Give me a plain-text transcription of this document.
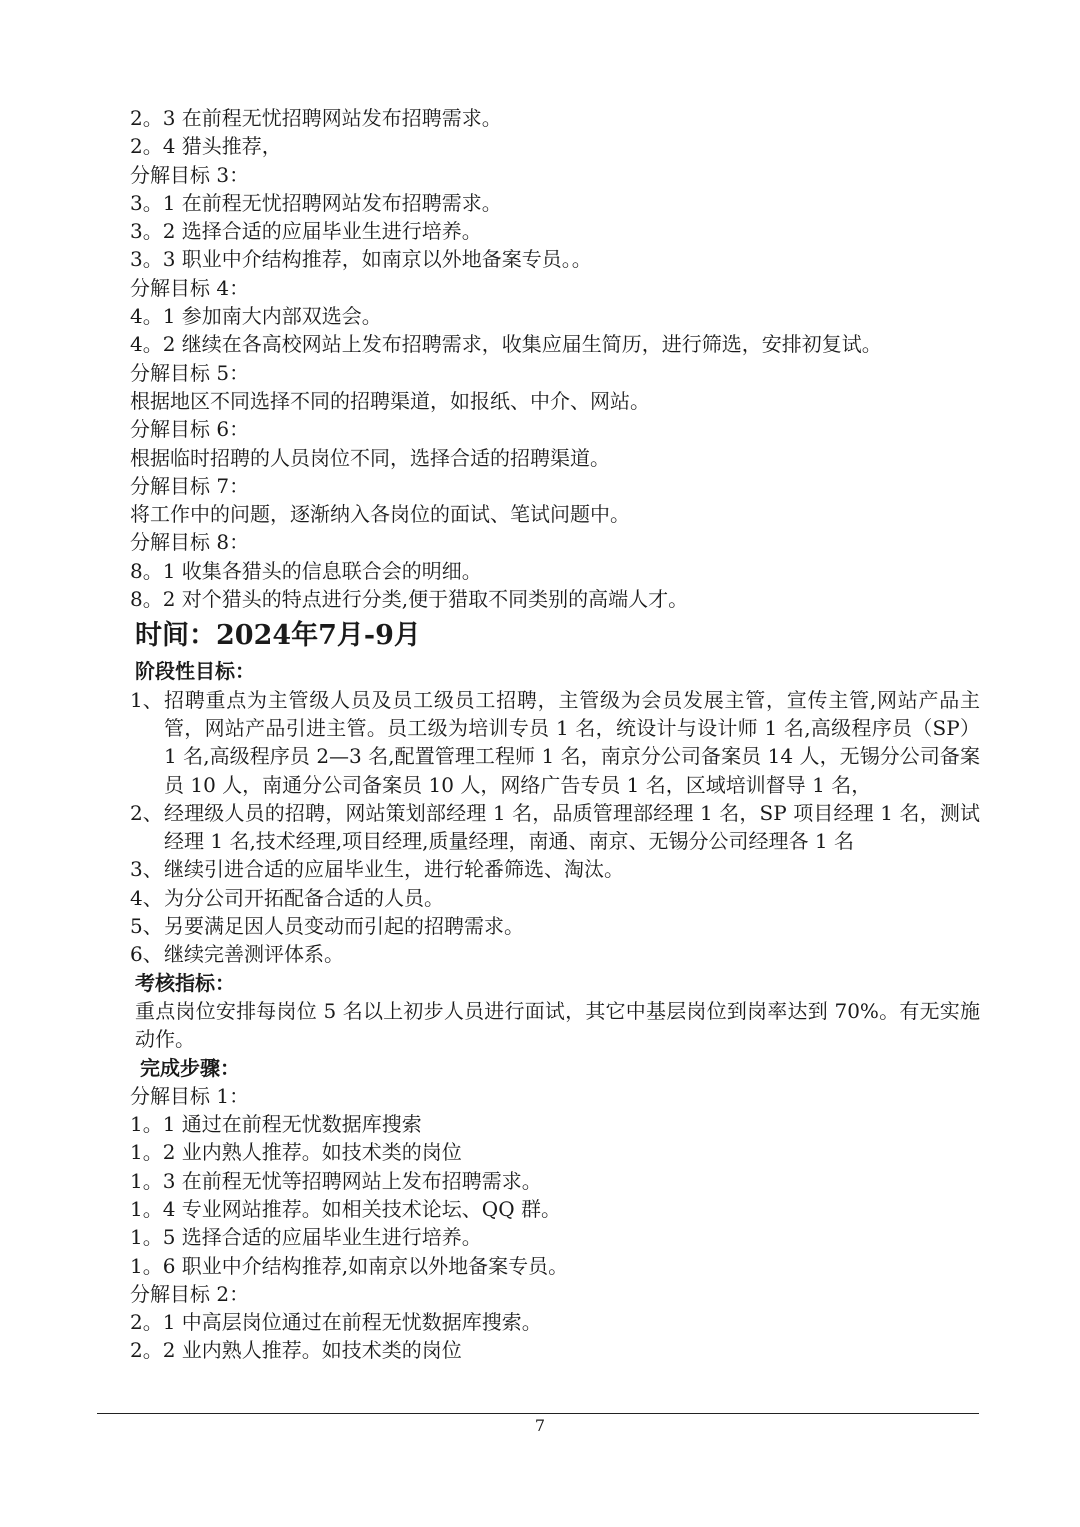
2。3 在前程无忧招聘网站发布招聘需求。
2。4 猎头推荐，
分解目标 3：
3。1 在前程无忧招聘网站发布招聘需求。
3。2 选择合适的应届毕业生进行培养。
3。3 职业中介结构推荐，如南京以外地备案专员。。
分解目标 4：
4。1 参加南大内部双选会。
4。2 继续在各高校网站上发布招聘需求，收集应届生简历，进行筛选，安排初复试。
分解目标 5：
根据地区不同选择不同的招聘渠道，如报纸、中介、网站。
分解目标 6：
根据临时招聘的人员岗位不同，选择合适的招聘渠道。
分解目标 7：
将工作中的问题，逐渐纳入各岗位的面试、笔试问题中。
分解目标 8：
8。1 收集各猎头的信息联合会的明细。
8。2 对个猎头的特点进行分类,便于猎取不同类别的高端人才。
时间：2024年7月-9月
阶段性目标：
1、 招聘重点为主管级人员及员工级员工招聘，主管级为会员发展主管，宣传主管,网站产品主管，网站产品引进主管。员工级为培训专员 1 名，统设计与设计师 1 名,高级程序员（SP）1 名,高级程序员 2—3 名,配置管理工程师 1 名，南京分公司备案员 14 人，无锡分公司备案员 10 人，南通分公司备案员 10 人，网络广告专员 1 名，区域培训督导 1 名，
2、 经理级人员的招聘，网站策划部经理 1 名，品质管理部经理 1 名，SP 项目经理 1 名，测试经理 1 名,技术经理,项目经理,质量经理，南通、南京、无锡分公司经理各 1 名
3、 继续引进合适的应届毕业生，进行轮番筛选、淘汰。
4、 为分公司开拓配备合适的人员。
5、 另要满足因人员变动而引起的招聘需求。
6、 继续完善测评体系。
考核指标：
重点岗位安排每岗位 5 名以上初步人员进行面试，其它中基层岗位到岗率达到 70%。有无实施动作。
完成步骤：
分解目标 1：
1。1 通过在前程无忧数据库搜索
1。2 业内熟人推荐。如技术类的岗位
1。3 在前程无忧等招聘网站上发布招聘需求。
1。4 专业网站推荐。如相关技术论坛、QQ 群。
1。5 选择合适的应届毕业生进行培养。
1。6 职业中介结构推荐,如南京以外地备案专员。
分解目标 2：
2。1 中高层岗位通过在前程无忧数据库搜索。
2。2 业内熟人推荐。如技术类的岗位
7
